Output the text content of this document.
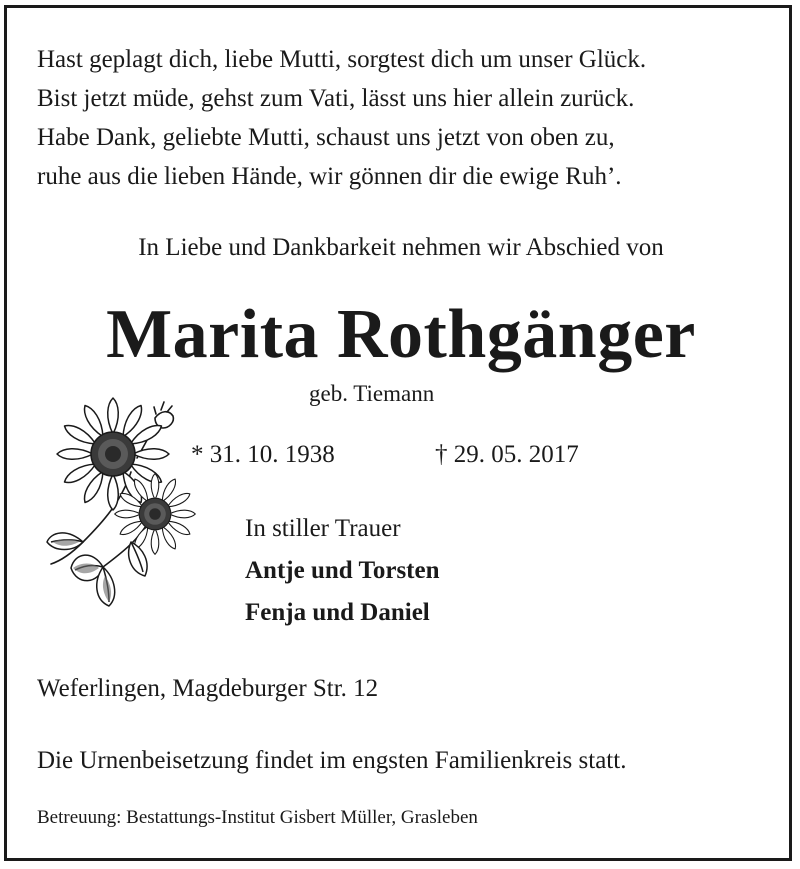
Hast geplagt dich, liebe Mutti, sorgtest dich um unser Glück.
Bist jetzt müde, gehst zum Vati, lässt uns hier allein zurück.
Habe Dank, geliebte Mutti, schaust uns jetzt von oben zu,
ruhe aus die lieben Hände, wir gönnen dir die ewige Ruh’.

In Liebe und Dankbarkeit nehmen wir Abschied von
Marita Rothgänger
geb. Tiemann
* 31. 10. 1938	† 29. 05. 2017
In stiller Trauer
Antje und Torsten
Fenja und Daniel
Weferlingen, Magdeburger Str. 12
Die Urnenbeisetzung findet im engsten Familienkreis statt.
Betreuung: Bestattungs-Institut Gisbert Müller, Grasleben
